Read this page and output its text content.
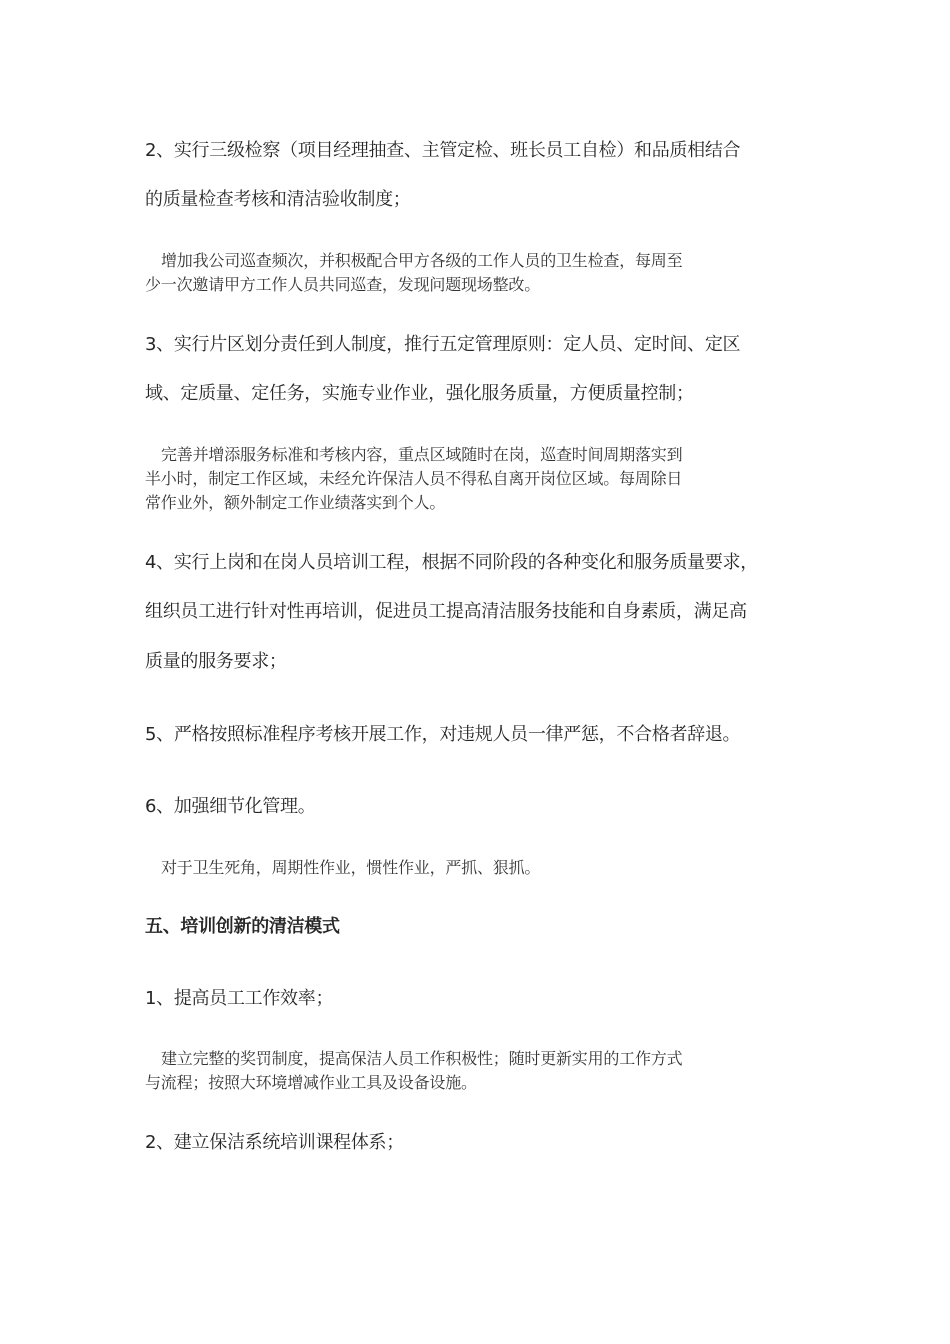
2、实行三级检察（项目经理抽查、主管定检、班长员工自检）和品质相结合

的质量检查考核和清洁验收制度；

增加我公司巡查频次，并积极配合甲方各级的工作人员的卫生检查，每周至

少一次邀请甲方工作人员共同巡查，发现问题现场整改。

3、实行片区划分责任到人制度，推行五定管理原则：定人员、定时间、定区

域、定质量、定任务，实施专业作业，强化服务质量，方便质量控制；

完善并增添服务标准和考核内容，重点区域随时在岗，巡查时间周期落实到

半小时，制定工作区域，未经允许保洁人员不得私自离开岗位区域。每周除日

常作业外，额外制定工作业绩落实到个人。

4、实行上岗和在岗人员培训工程，根据不同阶段的各种变化和服务质量要求，

组织员工进行针对性再培训，促进员工提高清洁服务技能和自身素质，满足高

质量的服务要求；

5、严格按照标准程序考核开展工作，对违规人员一律严惩，不合格者辞退。

6、加强细节化管理。

对于卫生死角，周期性作业，惯性作业，严抓、狠抓。

五、培训创新的清洁模式

1、提高员工工作效率；

建立完整的奖罚制度，提高保洁人员工作积极性；随时更新实用的工作方式

与流程；按照大环境增减作业工具及设备设施。

2、建立保洁系统培训课程体系；
